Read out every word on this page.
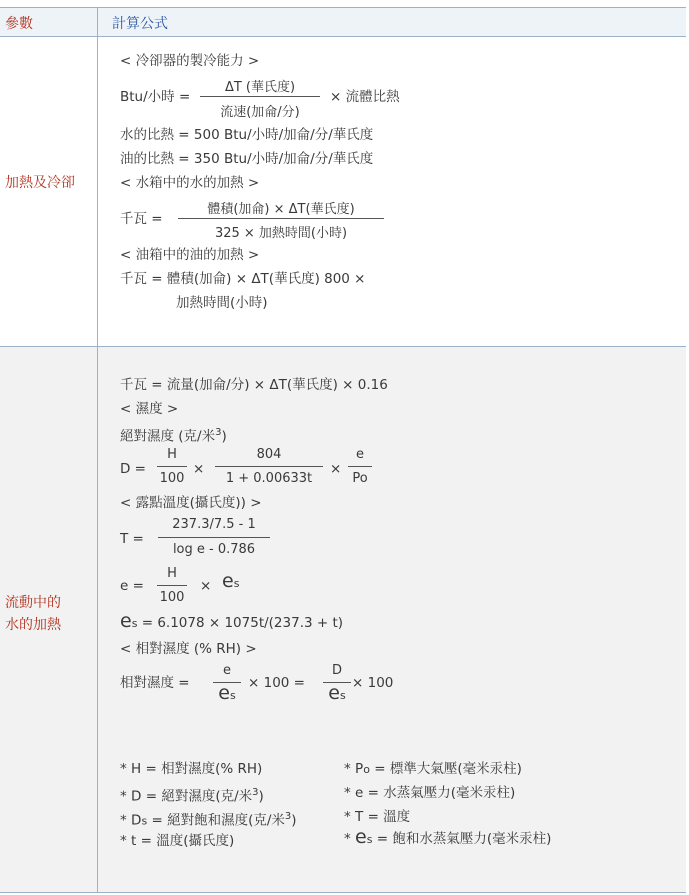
參數	計算公式
加熱及冷卻
< 冷卻器的製冷能力 >
Btu/小時 =
ΔT (華氏度)
流速(加侖/分)
× 流體比熱
水的比熱 = 500 Btu/小時/加侖/分/華氏度
油的比熱 = 350 Btu/小時/加侖/分/華氏度
< 水箱中的水的加熱 >
千瓦 =
體積(加侖) × ΔT(華氏度)
325 × 加熱時間(小時)
< 油箱中的油的加熱 >
千瓦 = 體積(加侖) × ΔT(華氏度) 800 ×
加熱時間(小時)
流動中的
水的加熱
千瓦 = 流量(加侖/分) × ΔT(華氏度) × 0.16
< 濕度 >
絕對濕度 (克/米$^3$)
D =
H
100
×
804
1 + 0.00633t
×
e
Po
< 露點溫度(攝氏度)) >
T =
237.3/7.5 - 1
log e - 0.786
e =
H
100
× es
es = 6.1078 × 1075t/(237.3 + t)
< 相對濕度 (% RH) >
相對濕度 =
e
es
× 100 =
D
es
× 100
* H = 相對濕度(% RH)
* D = 絕對濕度(克/米$^3$)
* Ds = 絕對飽和濕度(克/米$^3$)
* t = 溫度(攝氏度)
* Po = 標準大氣壓(毫米汞柱)
* e = 水蒸氣壓力(毫米汞柱)
* T = 溫度
* es = 飽和水蒸氣壓力(毫米汞柱)
